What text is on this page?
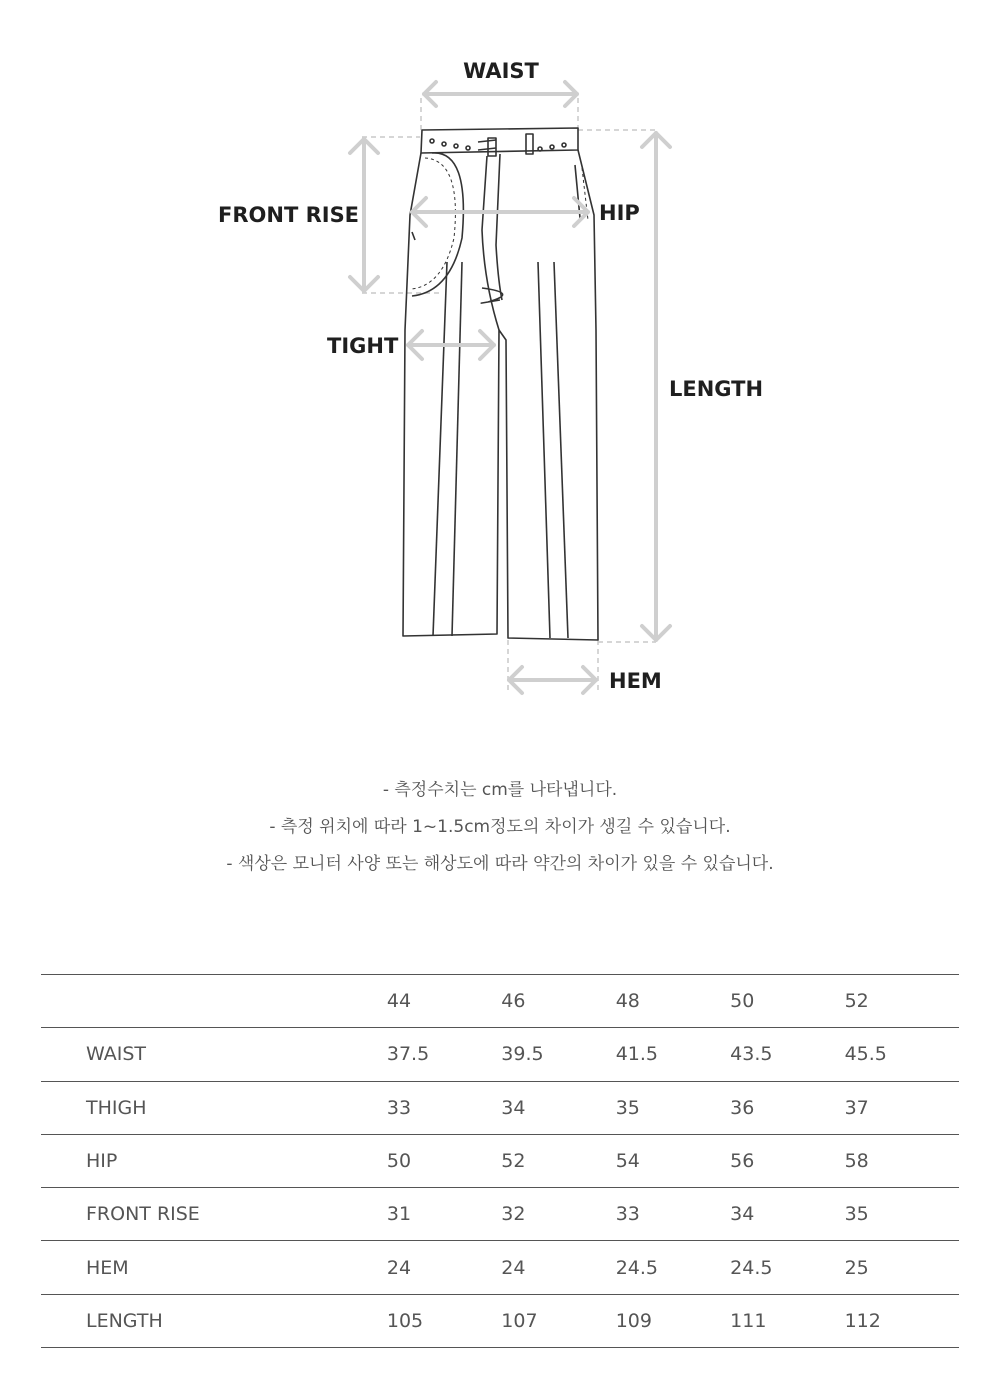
WAIST
FRONT RISE	HIP
TIGHT
LENGTH
HEM

- 측정수치는 cm를 나타냅니다.

- 측정 위치에 따라 1~1.5cm정도의 차이가 생길 수 있습니다.

- 색상은 모니터 사양 또는 해상도에 따라 약간의 차이가 있을 수 있습니다.

	44	46	48	50	52
WAIST	37.5	39.5	41.5	43.5	45.5
THIGH	33	34	35	36	37
HIP	50	52	54	56	58
FRONT RISE	31	32	33	34	35
HEM	24	24	24.5	24.5	25
LENGTH	105	107	109	111	112
